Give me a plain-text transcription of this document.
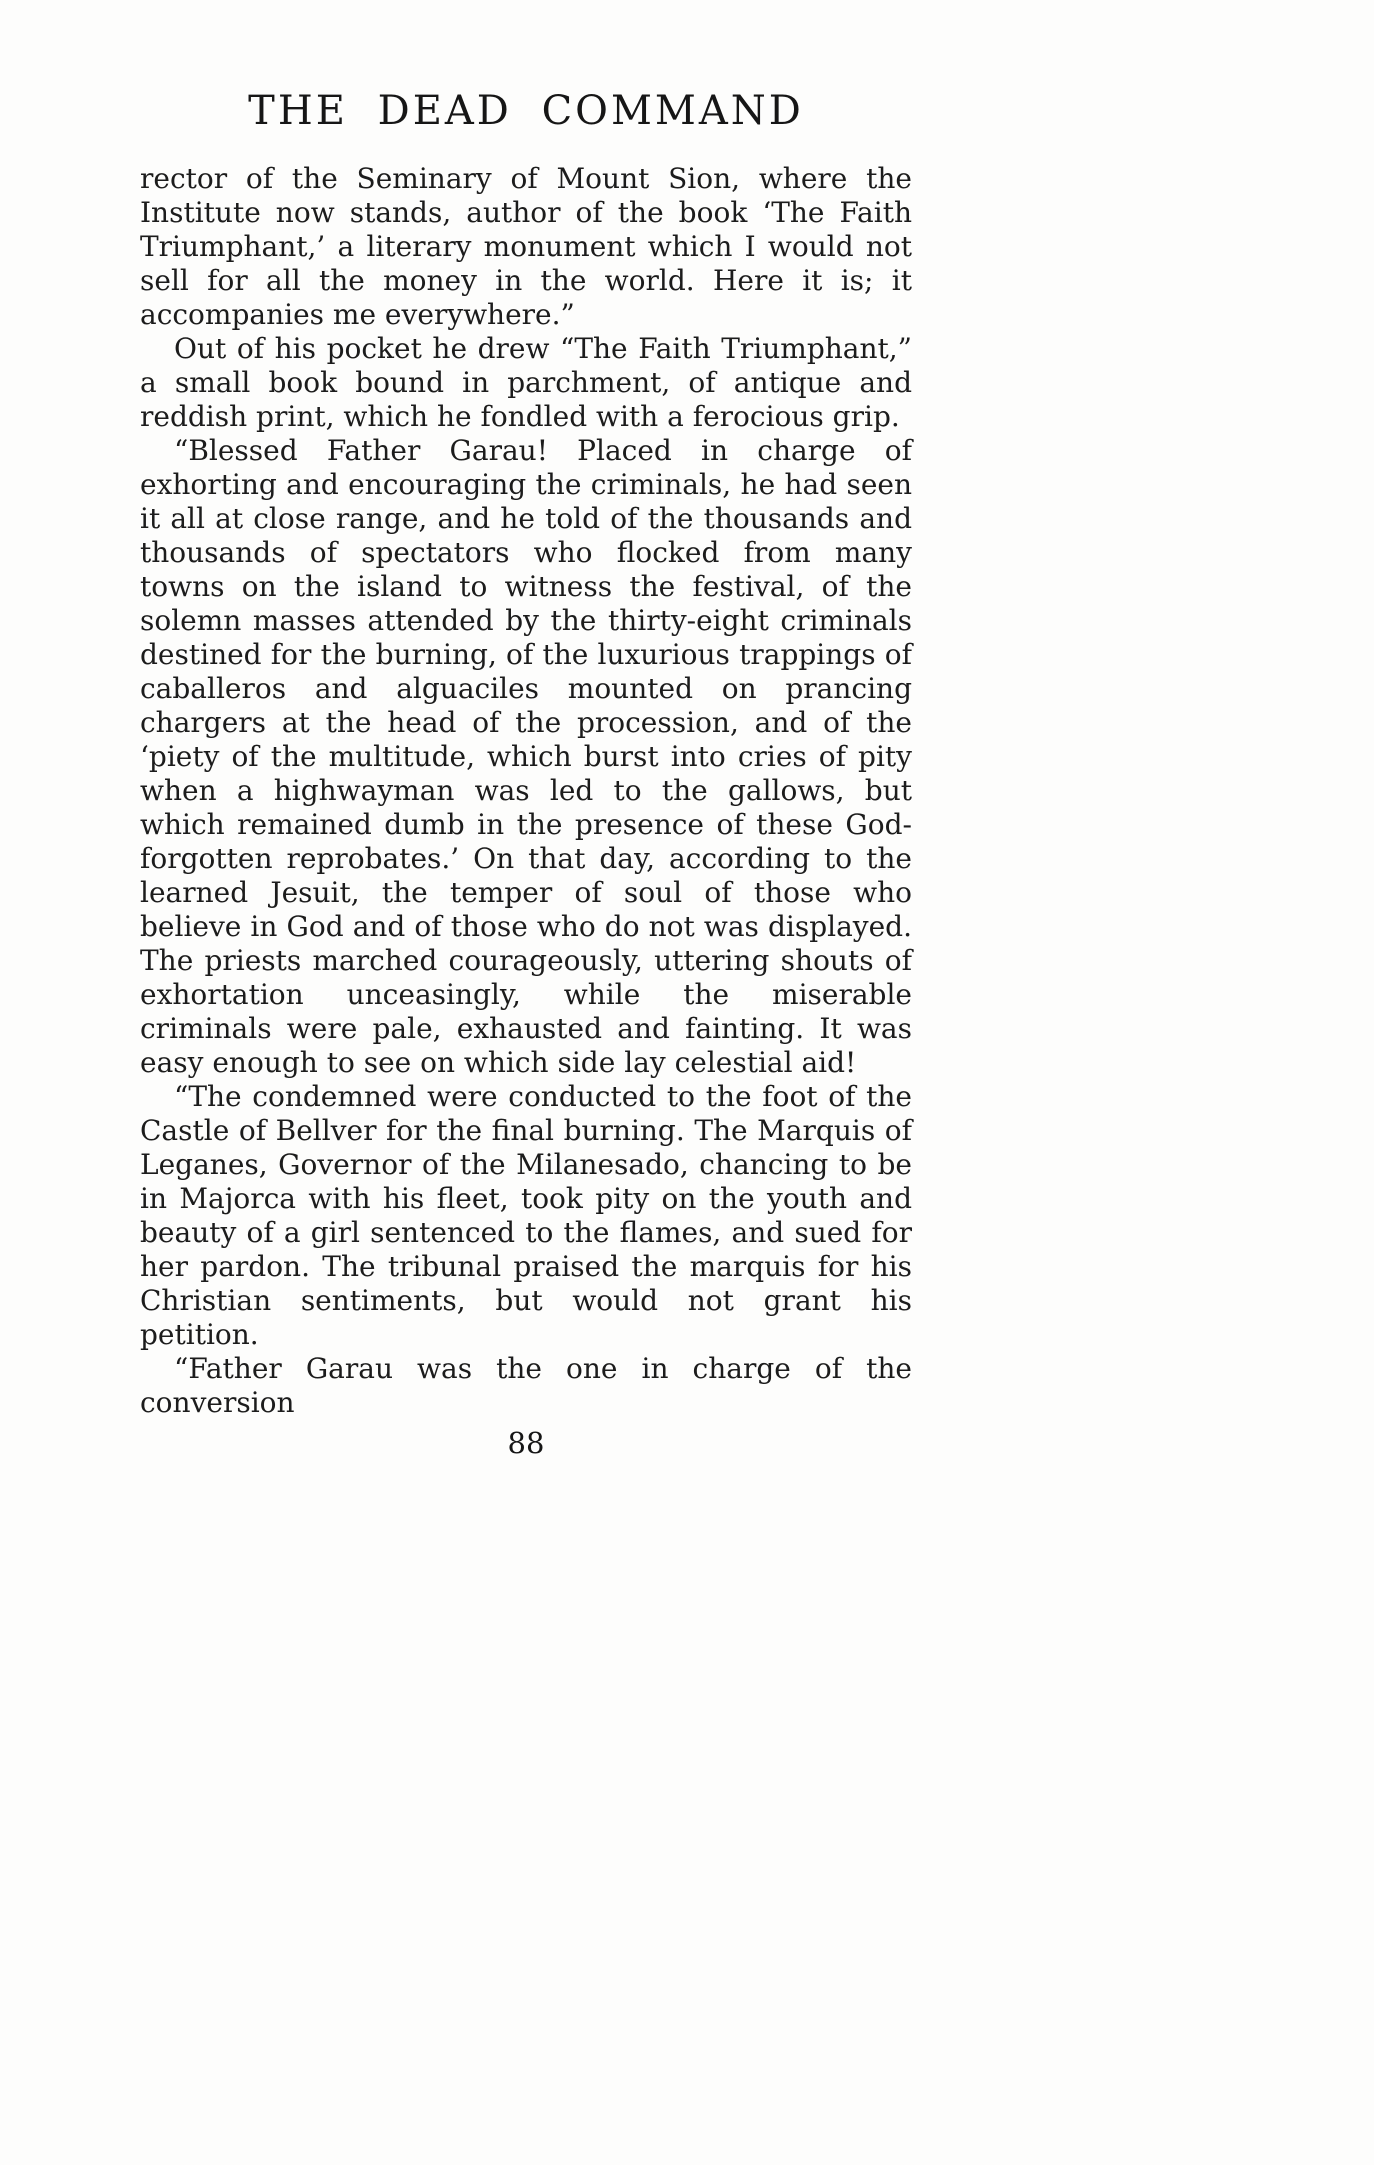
THE DEAD COMMAND

rector of the Seminary of Mount Sion, where the Institute now stands, author of the book ‘The Faith Triumphant,’ a literary monument which I would not sell for all the money in the world. Here it is; it accompanies me everywhere.”

Out of his pocket he drew “The Faith Triumphant,” a small book bound in parchment, of antique and reddish print, which he fondled with a ferocious grip.

“Blessed Father Garau! Placed in charge of exhorting and encouraging the criminals, he had seen it all at close range, and he told of the thousands and thousands of spectators who flocked from many towns on the island to witness the festival, of the solemn masses attended by the thirty-eight criminals destined for the burning, of the luxurious trappings of caballeros and alguaciles mounted on prancing chargers at the head of the procession, and of the ‘piety of the multitude, which burst into cries of pity when a highwayman was led to the gallows, but which remained dumb in the presence of these God-forgotten reprobates.’ On that day, according to the learned Jesuit, the temper of soul of those who believe in God and of those who do not was displayed. The priests marched courageously, uttering shouts of exhortation unceasingly, while the miserable criminals were pale, exhausted and fainting. It was easy enough to see on which side lay celestial aid!

“The condemned were conducted to the foot of the Castle of Bellver for the final burning. The Marquis of Leganes, Governor of the Milanesado, chancing to be in Majorca with his fleet, took pity on the youth and beauty of a girl sentenced to the flames, and sued for her pardon. The tribunal praised the marquis for his Christian sentiments, but would not grant his petition.

“Father Garau was the one in charge of the conversion

88
